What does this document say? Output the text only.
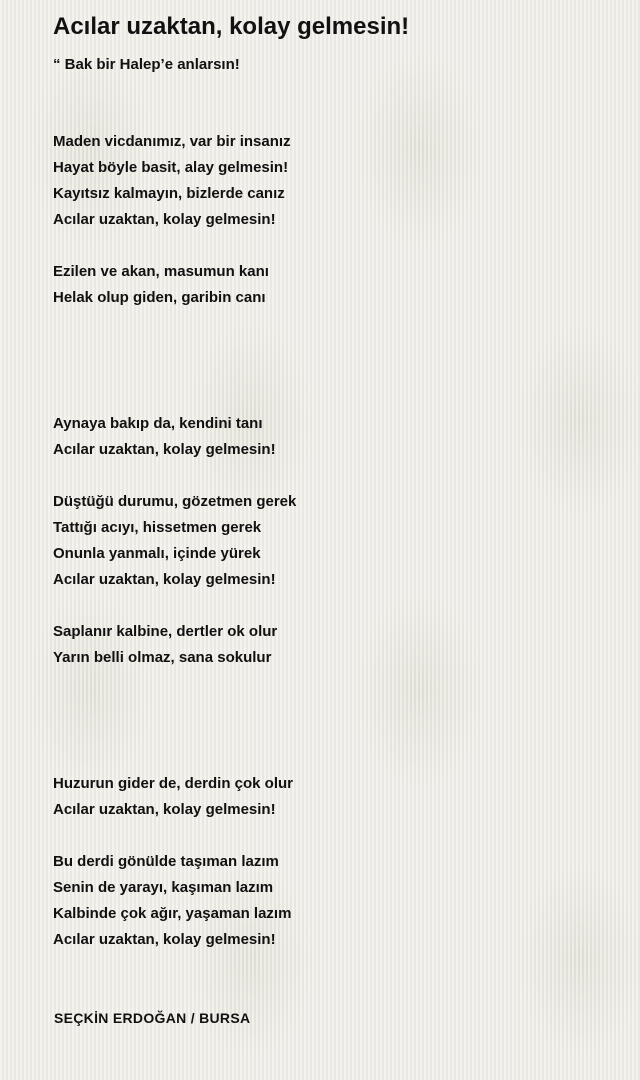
Acılar uzaktan, kolay gelmesin!
“ Bak bir Halep’e anlarsın!
Maden vicdanımız, var bir insanız
Hayat böyle basit, alay gelmesin!
Kayıtsız kalmayın, bizlerde canız
Acılar uzaktan, kolay gelmesin!
Ezilen ve akan, masumun kanı
Helak olup giden, garibin canı
Aynaya bakıp da, kendini tanı
Acılar uzaktan, kolay gelmesin!
Düştüğü durumu, gözetmen gerek
Tattığı acıyı, hissetmen gerek
Onunla yanmalı, içinde yürek
Acılar uzaktan, kolay gelmesin!
Saplanır kalbine, dertler ok olur
Yarın belli olmaz, sana sokulur
Huzurun gider de, derdin çok olur
Acılar uzaktan, kolay gelmesin!
Bu derdi gönülde taşıman lazım
Senin de yarayı, kaşıman lazım
Kalbinde çok ağır, yaşaman lazım
Acılar uzaktan, kolay gelmesin!
SEÇKİN ERDOĞAN / BURSA
